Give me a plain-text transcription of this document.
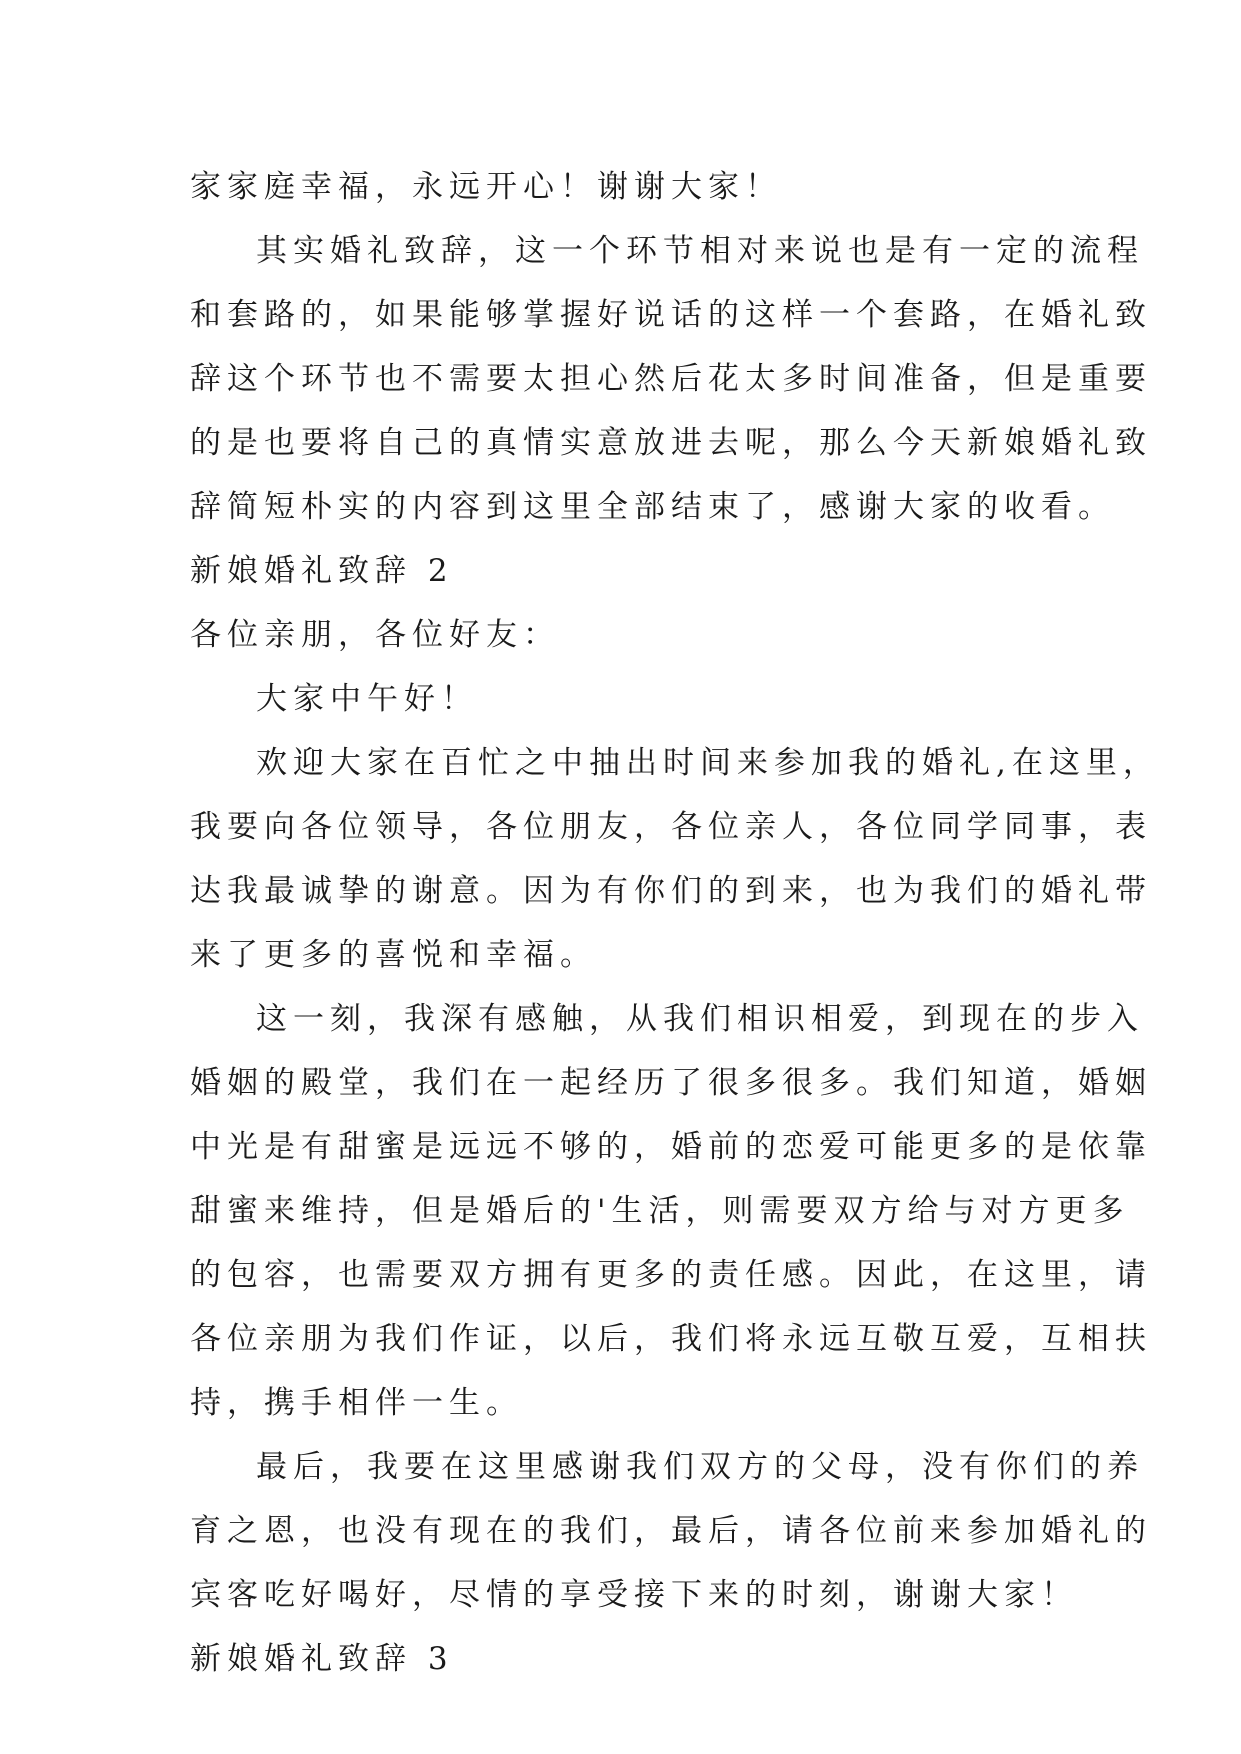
家家庭幸福，永远开心！谢谢大家！
其实婚礼致辞，这一个环节相对来说也是有一定的流程
和套路的，如果能够掌握好说话的这样一个套路，在婚礼致
辞这个环节也不需要太担心然后花太多时间准备，但是重要
的是也要将自己的真情实意放进去呢，那么今天新娘婚礼致
辞简短朴实的内容到这里全部结束了，感谢大家的收看。
新娘婚礼致辞 2
各位亲朋，各位好友：
大家中午好！
欢迎大家在百忙之中抽出时间来参加我的婚礼,在这里，
我要向各位领导，各位朋友，各位亲人，各位同学同事，表
达我最诚挚的谢意。因为有你们的到来，也为我们的婚礼带
来了更多的喜悦和幸福。
这一刻，我深有感触，从我们相识相爱，到现在的步入
婚姻的殿堂，我们在一起经历了很多很多。我们知道，婚姻
中光是有甜蜜是远远不够的，婚前的恋爱可能更多的是依靠
甜蜜来维持，但是婚后的'生活，则需要双方给与对方更多
的包容，也需要双方拥有更多的责任感。因此，在这里，请
各位亲朋为我们作证，以后，我们将永远互敬互爱，互相扶
持，携手相伴一生。
最后，我要在这里感谢我们双方的父母，没有你们的养
育之恩，也没有现在的我们，最后，请各位前来参加婚礼的
宾客吃好喝好，尽情的享受接下来的时刻，谢谢大家！
新娘婚礼致辞 3
